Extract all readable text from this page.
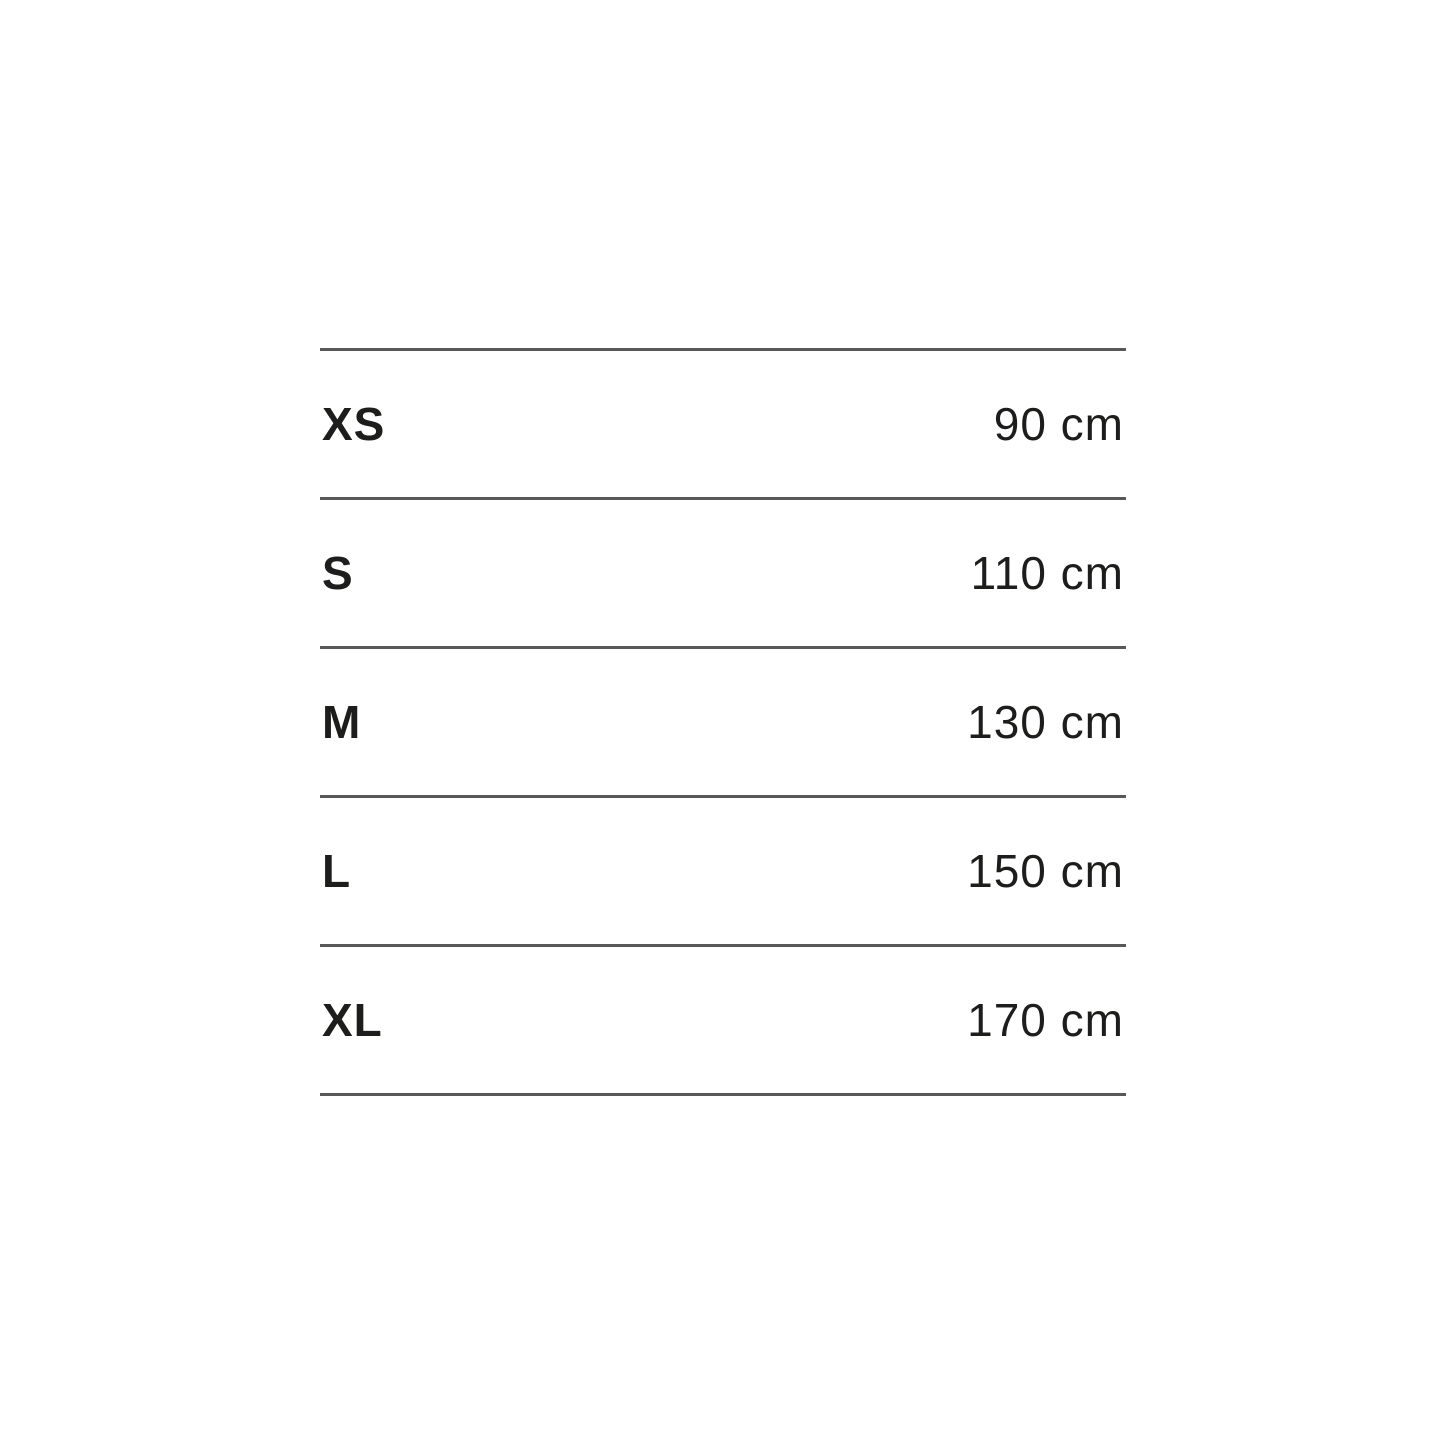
XS	90 cm
S	110 cm
M	130 cm
L	150 cm
XL	170 cm
